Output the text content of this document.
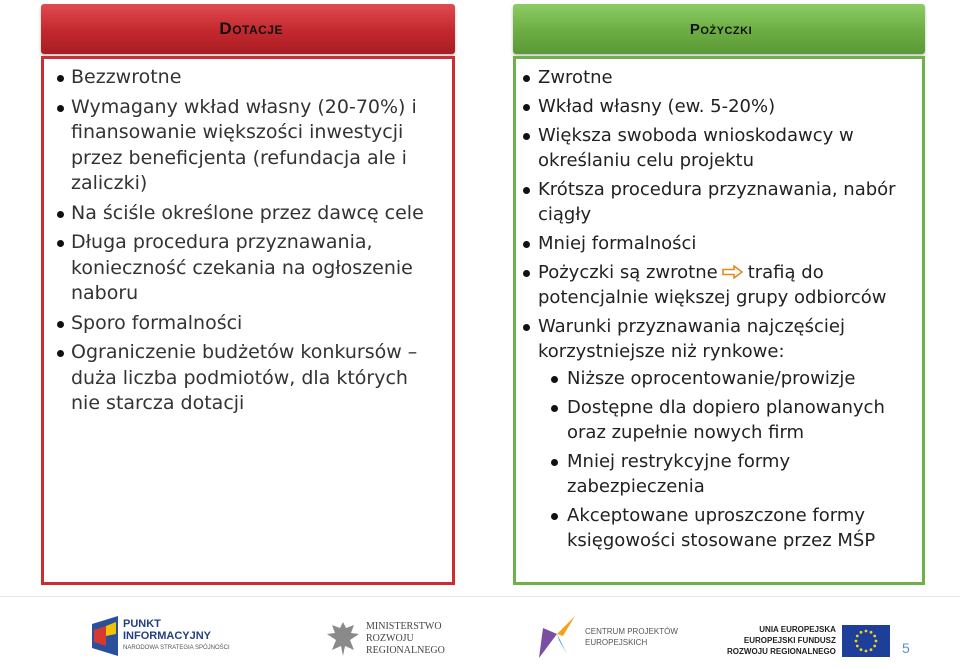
Dotacje
Bezzwrotne
Wymagany wkład własny (20-70%) i finansowanie większości inwestycji przez beneficjenta (refundacja ale i zaliczki)
Na ściśle określone przez dawcę cele
Długa procedura przyznawania, konieczność czekania na ogłoszenie naboru
Sporo formalności
Ograniczenie budżetów konkursów – duża liczba podmiotów, dla których nie starcza dotacji
Pożyczki
Zwrotne
Wkład własny (ew. 5-20%)
Większa swoboda wnioskodawcy w określaniu celu projektu
Krótsza procedura przyznawania, nabór ciągły
Mniej formalności
Pożyczki są zwrotne trafią do potencjalnie większej grupy odbiorców
Warunki przyznawania najczęściej korzystniejsze niż rynkowe:
Niższe oprocentowanie/prowizje
Dostępne dla dopiero planowanych oraz zupełnie nowych firm
Mniej restrykcyjne formy zabezpieczenia
Akceptowane uproszczone formy księgowości stosowane przez MŚP
PUNKT
INFORMACYJNY
NARODOWA STRATEGIA SPÓJNOŚCI
MINISTERSTWO
ROZWOJU
REGIONALNEGO
CENTRUM PROJEKTÓW
EUROPEJSKICH
UNIA EUROPEJSKA
EUROPEJSKI FUNDUSZ
ROZWOJU REGIONALNEGO	5
